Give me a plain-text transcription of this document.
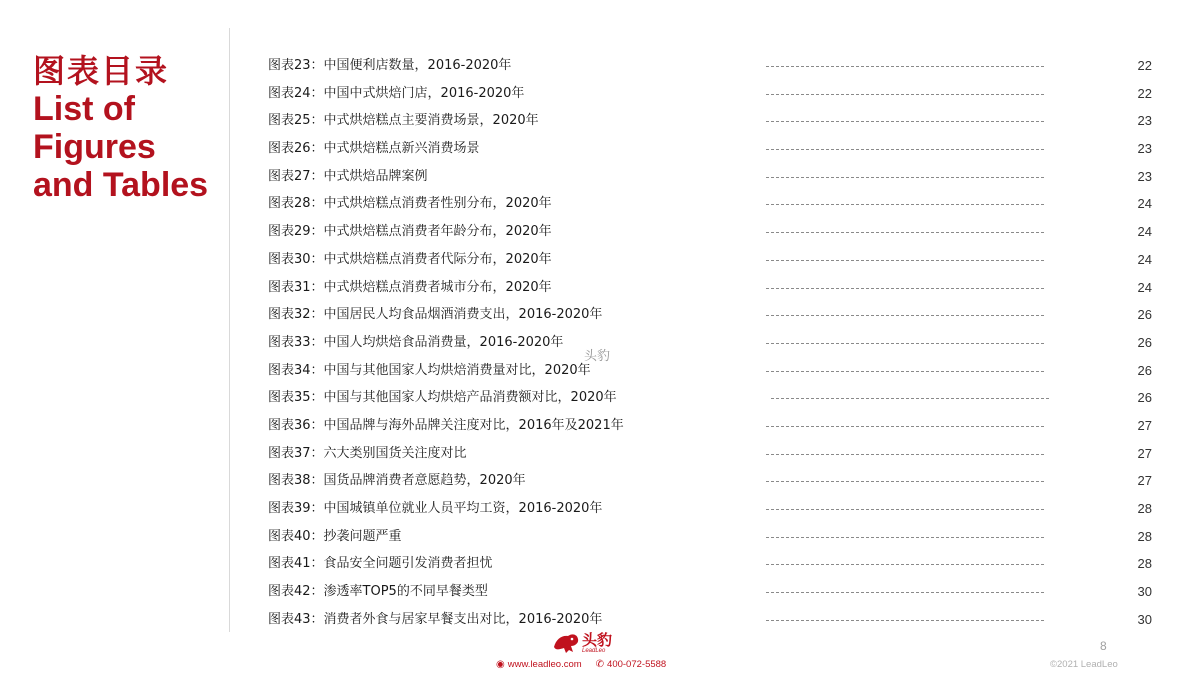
图表目录
List of
Figures
and Tables
图表23：中国便利店数量，2016-2020年	22
图表24：中国中式烘焙门店，2016-2020年	22
图表25：中式烘焙糕点主要消费场景，2020年	23
图表26：中式烘焙糕点新兴消费场景	23
图表27：中式烘焙品牌案例	23
图表28：中式烘焙糕点消费者性别分布，2020年	24
图表29：中式烘焙糕点消费者年龄分布，2020年	24
图表30：中式烘焙糕点消费者代际分布，2020年	24
图表31：中式烘焙糕点消费者城市分布，2020年	24
图表32：中国居民人均食品烟酒消费支出，2016-2020年	26
图表33：中国人均烘焙食品消费量，2016-2020年	26
图表34：中国与其他国家人均烘焙消费量对比，2020年	26
图表35：中国与其他国家人均烘焙产品消费额对比，2020年	26
图表36：中国品牌与海外品牌关注度对比，2016年及2021年	27
图表37：六大类别国货关注度对比	27
图表38：国货品牌消费者意愿趋势，2020年	27
图表39：中国城镇单位就业人员平均工资，2016-2020年	28
图表40：抄袭问题严重	28
图表41：食品安全问题引发消费者担忧	28
图表42：渗透率TOP5的不同早餐类型	30
图表43：消费者外食与居家早餐支出对比，2016-2020年	30
头豹
头豹
LeadLeo
◉ www.leadleo.com ✆ 400-072-5588
8
©2021 LeadLeo
